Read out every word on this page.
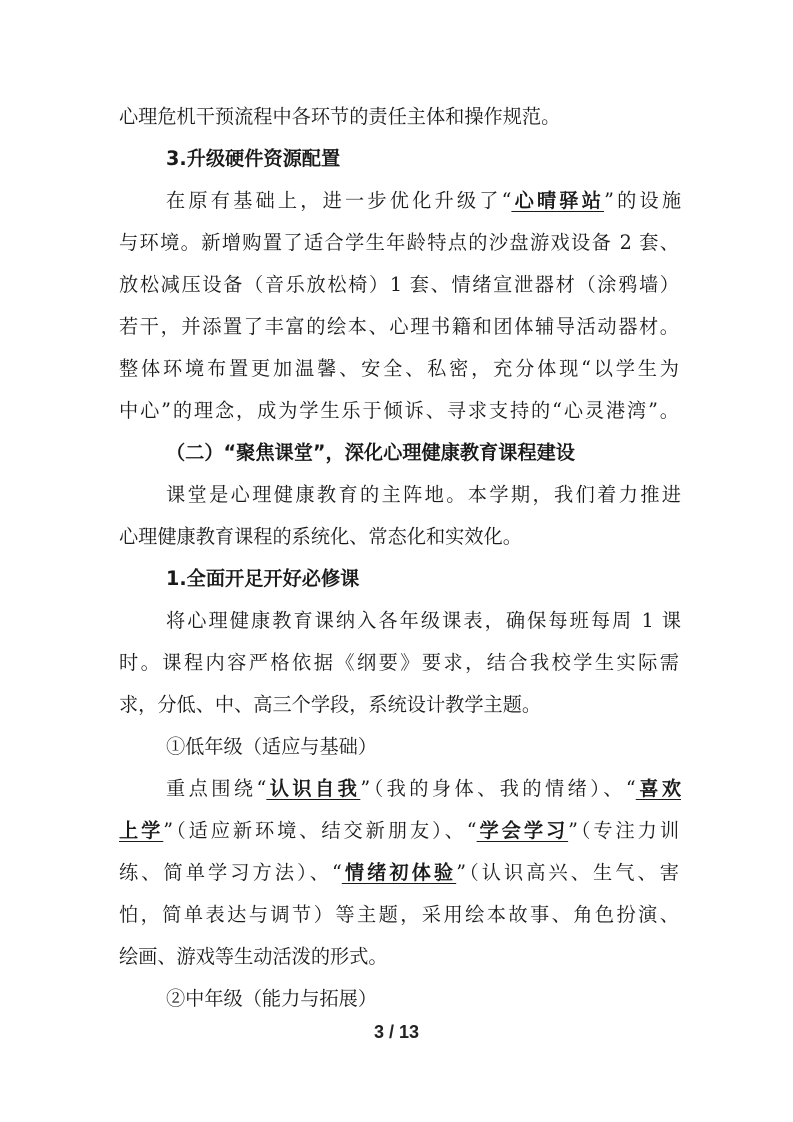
心理危机干预流程中各环节的责任主体和操作规范。
3.升级硬件资源配置
在原有基础上，进一步优化升级了“心晴驿站”的设施
与环境。新增购置了适合学生年龄特点的沙盘游戏设备 2 套、
放松减压设备（音乐放松椅）1 套、情绪宣泄器材（涂鸦墙）
若干，并添置了丰富的绘本、心理书籍和团体辅导活动器材。
整体环境布置更加温馨、安全、私密，充分体现“以学生为
中心”的理念，成为学生乐于倾诉、寻求支持的“心灵港湾”。
（二）“聚焦课堂”，深化心理健康教育课程建设
课堂是心理健康教育的主阵地。本学期，我们着力推进
心理健康教育课程的系统化、常态化和实效化。
1.全面开足开好必修课
将心理健康教育课纳入各年级课表，确保每班每周 1 课
时。课程内容严格依据《纲要》要求，结合我校学生实际需
求，分低、中、高三个学段，系统设计教学主题。
①低年级（适应与基础）
重点围绕“认识自我”（我的身体、我的情绪）、“喜欢
上学”（适应新环境、结交新朋友）、“学会学习”（专注力训
练、简单学习方法）、“情绪初体验”（认识高兴、生气、害
怕，简单表达与调节）等主题，采用绘本故事、角色扮演、
绘画、游戏等生动活泼的形式。
②中年级（能力与拓展）
3 / 13
